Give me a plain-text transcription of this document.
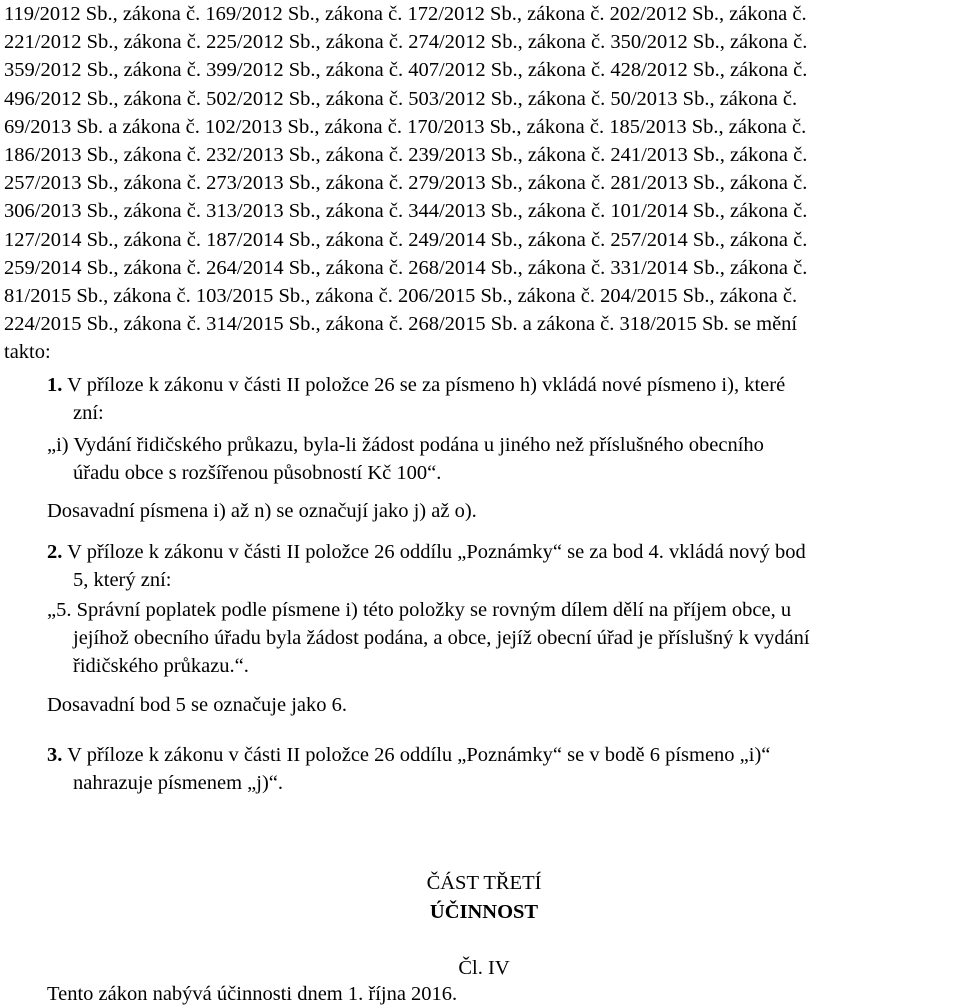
119/2012 Sb., zákona č. 169/2012 Sb., zákona č. 172/2012 Sb., zákona č. 202/2012 Sb., zákona č.
221/2012 Sb., zákona č. 225/2012 Sb., zákona č. 274/2012 Sb., zákona č. 350/2012 Sb., zákona č.
359/2012 Sb., zákona č. 399/2012 Sb., zákona č. 407/2012 Sb., zákona č. 428/2012 Sb., zákona č.
496/2012 Sb., zákona č. 502/2012 Sb., zákona č. 503/2012 Sb., zákona č. 50/2013 Sb., zákona č.
69/2013 Sb. a zákona č. 102/2013 Sb., zákona č. 170/2013 Sb., zákona č. 185/2013 Sb., zákona č.
186/2013 Sb., zákona č. 232/2013 Sb., zákona č. 239/2013 Sb., zákona č. 241/2013 Sb., zákona č.
257/2013 Sb., zákona č. 273/2013 Sb., zákona č. 279/2013 Sb., zákona č. 281/2013 Sb., zákona č.
306/2013 Sb., zákona č. 313/2013 Sb., zákona č. 344/2013 Sb., zákona č. 101/2014 Sb., zákona č.
127/2014 Sb., zákona č. 187/2014 Sb., zákona č. 249/2014 Sb., zákona č. 257/2014 Sb., zákona č.
259/2014 Sb., zákona č. 264/2014 Sb., zákona č. 268/2014 Sb., zákona č. 331/2014 Sb., zákona č.
81/2015 Sb., zákona č. 103/2015 Sb., zákona č. 206/2015 Sb., zákona č. 204/2015 Sb., zákona č.
224/2015 Sb., zákona č. 314/2015 Sb., zákona č. 268/2015 Sb. a zákona č. 318/2015 Sb. se mění
takto:

1. V příloze k zákonu v části II položce 26 se za písmeno h) vkládá nové písmeno i), které
zní:

„i) Vydání řidičského průkazu, byla-li žádost podána u jiného než příslušného obecního
úřadu obce s rozšířenou působností Kč 100“.

Dosavadní písmena i) až n) se označují jako j) až o).

2. V příloze k zákonu v části II položce 26 oddílu „Poznámky“ se za bod 4. vkládá nový bod
5, který zní:

„5. Správní poplatek podle písmene i) této položky se rovným dílem dělí na příjem obce, u
jejíhož obecního úřadu byla žádost podána, a obce, jejíž obecní úřad je příslušný k vydání
řidičského průkazu.“.

Dosavadní bod 5 se označuje jako 6.

3. V příloze k zákonu v části II položce 26 oddílu „Poznámky“ se v bodě 6 písmeno „i)“
nahrazuje písmenem „j)“.

ČÁST TŘETÍ

ÚČINNOST

Čl. IV

Tento zákon nabývá účinnosti dnem 1. října 2016.
